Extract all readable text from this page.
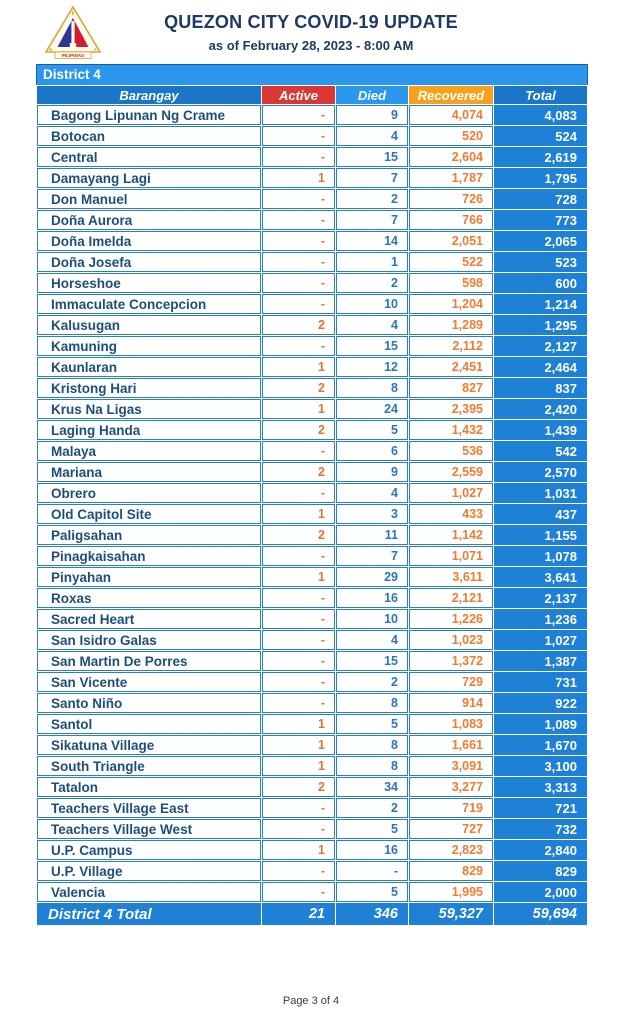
PILIPINAS
QUEZON CITY COVID-19 UPDATE
as of February 28, 2023 - 8:00 AM
District 4
Barangay	Active	Died	Recovered	Total
Bagong Lipunan Ng Crame	-	9	4,074	4,083
Botocan	-	4	520	524
Central	-	15	2,604	2,619
Damayang Lagi	1	7	1,787	1,795
Don Manuel	-	2	726	728
Doña Aurora	-	7	766	773
Doña Imelda	-	14	2,051	2,065
Doña Josefa	-	1	522	523
Horseshoe	-	2	598	600
Immaculate Concepcion	-	10	1,204	1,214
Kalusugan	2	4	1,289	1,295
Kamuning	-	15	2,112	2,127
Kaunlaran	1	12	2,451	2,464
Kristong Hari	2	8	827	837
Krus Na Ligas	1	24	2,395	2,420
Laging Handa	2	5	1,432	1,439
Malaya	-	6	536	542
Mariana	2	9	2,559	2,570
Obrero	-	4	1,027	1,031
Old Capitol Site	1	3	433	437
Paligsahan	2	11	1,142	1,155
Pinagkaisahan	-	7	1,071	1,078
Pinyahan	1	29	3,611	3,641
Roxas	-	16	2,121	2,137
Sacred Heart	-	10	1,226	1,236
San Isidro Galas	-	4	1,023	1,027
San Martin De Porres	-	15	1,372	1,387
San Vicente	-	2	729	731
Santo Niño	-	8	914	922
Santol	1	5	1,083	1,089
Sikatuna Village	1	8	1,661	1,670
South Triangle	1	8	3,091	3,100
Tatalon	2	34	3,277	3,313
Teachers Village East	-	2	719	721
Teachers Village West	-	5	727	732
U.P. Campus	1	16	2,823	2,840
U.P. Village	-	-	829	829
Valencia	-	5	1,995	2,000
District 4 Total	21	346	59,327	59,694
Page 3 of 4
